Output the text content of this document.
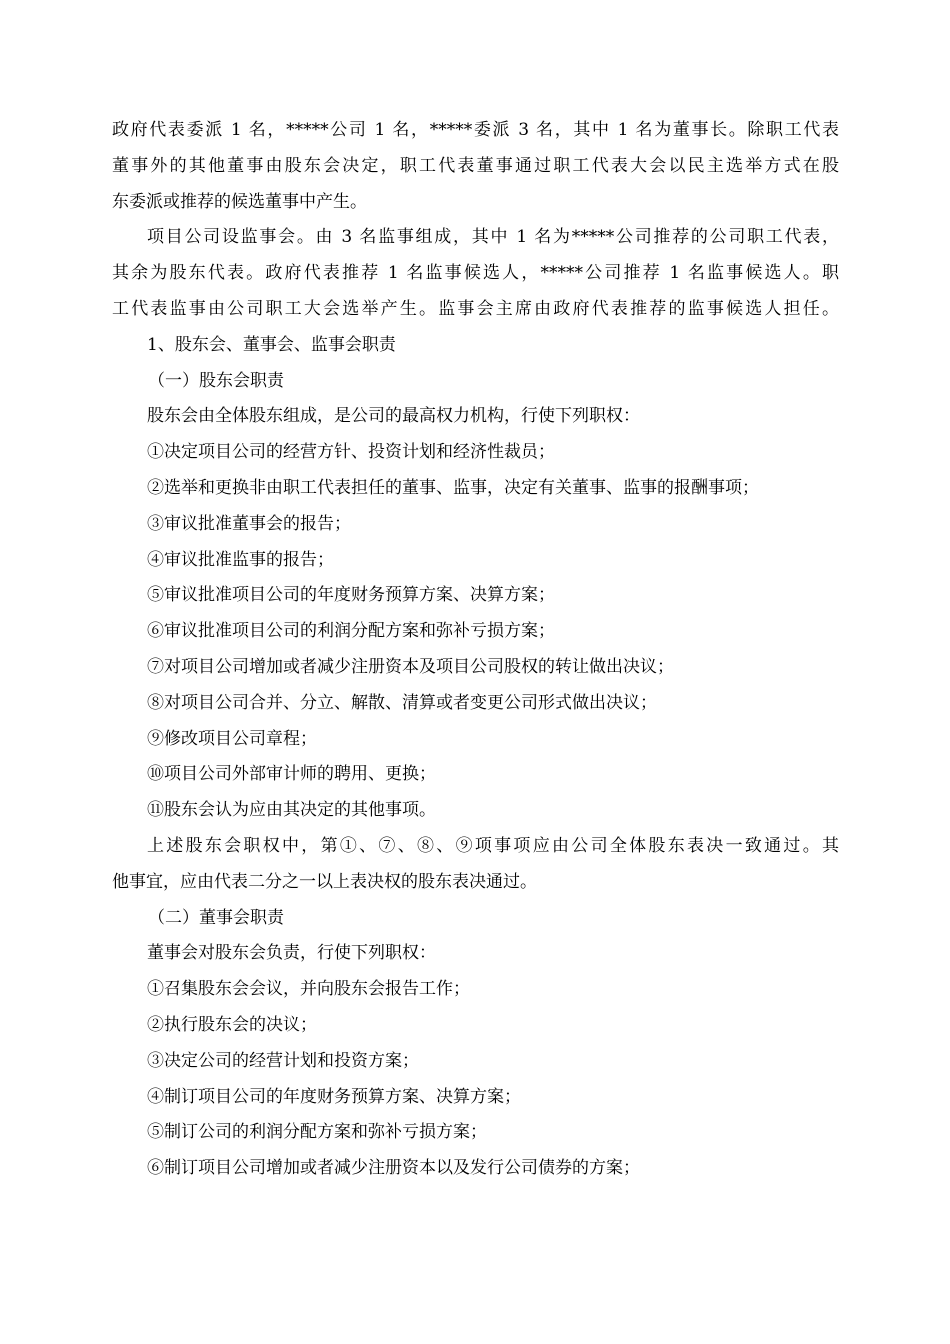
政府代表委派 1 名，*****公司 1 名，*****委派 3 名，其中 1 名为董事长。除职工代表
董事外的其他董事由股东会决定，职工代表董事通过职工代表大会以民主选举方式在股
东委派或推荐的候选董事中产生。
项目公司设监事会。由 3 名监事组成，其中 1 名为*****公司推荐的公司职工代表，
其余为股东代表。政府代表推荐 1 名监事候选人，*****公司推荐 1 名监事候选人。职
工代表监事由公司职工大会选举产生。监事会主席由政府代表推荐的监事候选人担任。
1、股东会、董事会、监事会职责
（一）股东会职责
股东会由全体股东组成，是公司的最高权力机构，行使下列职权：
①决定项目公司的经营方针、投资计划和经济性裁员；
②选举和更换非由职工代表担任的董事、监事，决定有关董事、监事的报酬事项；
③审议批准董事会的报告；
④审议批准监事的报告；
⑤审议批准项目公司的年度财务预算方案、决算方案；
⑥审议批准项目公司的利润分配方案和弥补亏损方案；
⑦对项目公司增加或者减少注册资本及项目公司股权的转让做出决议；
⑧对项目公司合并、分立、解散、清算或者变更公司形式做出决议；
⑨修改项目公司章程；
⑩项目公司外部审计师的聘用、更换；
⑪股东会认为应由其决定的其他事项。
上述股东会职权中，第①、⑦、⑧、⑨项事项应由公司全体股东表决一致通过。其
他事宜，应由代表二分之一以上表决权的股东表决通过。
（二）董事会职责
董事会对股东会负责，行使下列职权：
①召集股东会会议，并向股东会报告工作；
②执行股东会的决议；
③决定公司的经营计划和投资方案；
④制订项目公司的年度财务预算方案、决算方案；
⑤制订公司的利润分配方案和弥补亏损方案；
⑥制订项目公司增加或者减少注册资本以及发行公司债券的方案；
